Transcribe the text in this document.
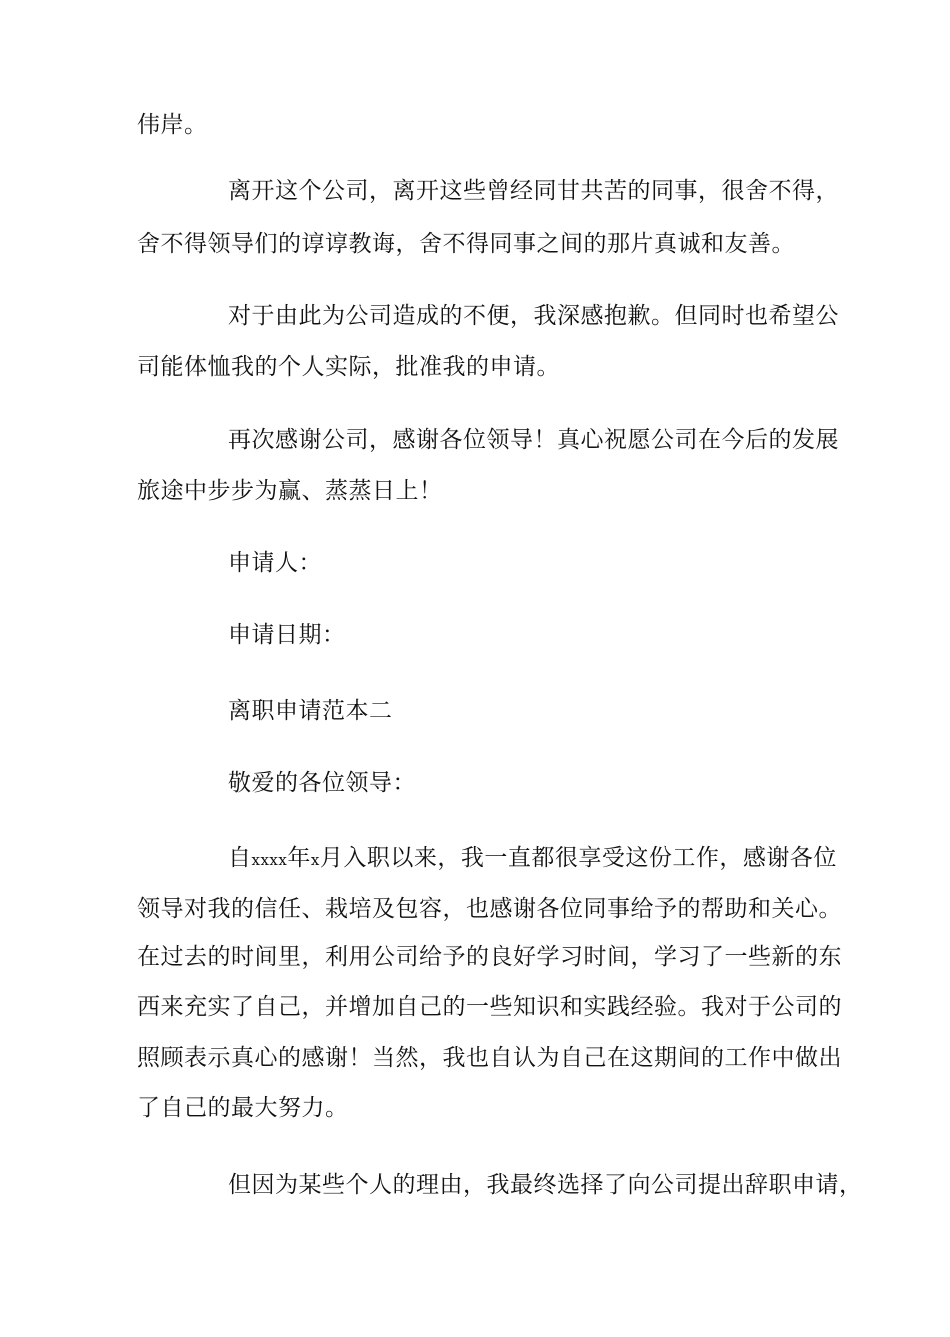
伟岸。
离开这个公司，离开这些曾经同甘共苦的同事，很舍不得，
舍不得领导们的谆谆教诲，舍不得同事之间的那片真诚和友善。
对于由此为公司造成的不便，我深感抱歉。但同时也希望公
司能体恤我的个人实际，批准我的申请。
再次感谢公司，感谢各位领导！真心祝愿公司在今后的发展
旅途中步步为赢、蒸蒸日上！
申请人：
申请日期：
离职申请范本二
敬爱的各位领导：
自xxxx年x月入职以来，我一直都很享受这份工作，感谢各位
领导对我的信任、栽培及包容，也感谢各位同事给予的帮助和关心。
在过去的时间里，利用公司给予的良好学习时间，学习了一些新的东
西来充实了自己，并增加自己的一些知识和实践经验。我对于公司的
照顾表示真心的感谢！当然，我也自认为自己在这期间的工作中做出
了自己的最大努力。
但因为某些个人的理由，我最终选择了向公司提出辞职申请，
